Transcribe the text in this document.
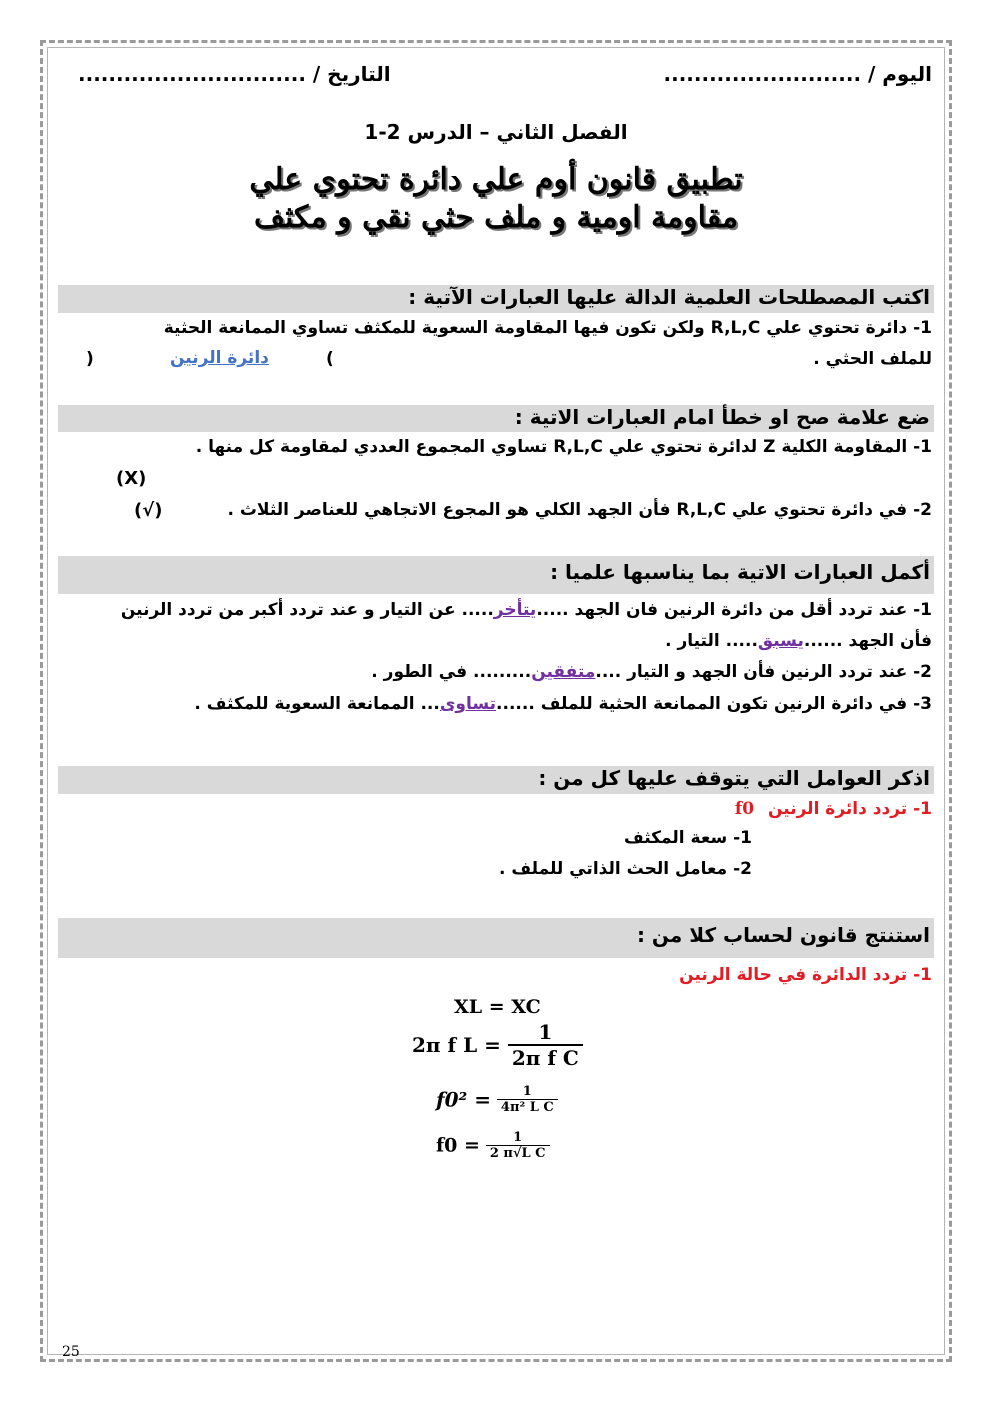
اليوم / ..........................
التاريخ / ..............................
الفصل الثاني – الدرس 2-1
تطبيق قانون أوم علي دائرة تحتوي علي
مقاومة اومية و ملف حثي نقي و مكثف
اكتب المصطلحات العلمية الدالة عليها العبارات الآتية :
1- دائرة تحتوي علي R,L,C ولكن تكون فيها المقاومة السعوية للمكثف تساوي الممانعة الحثية
للملف الحثي .
(
دائرة الرنين
)
ضع علامة صح او خطأ امام العبارات الاتية :
1- المقاومة الكلية Z لدائرة تحتوي علي R,L,C تساوي المجموع العددي لمقاومة كل منها .
(X)
2- في دائرة تحتوي علي R,L,C فأن الجهد الكلي هو المجوع الاتجاهي للعناصر الثلاث .
(√)
أكمل العبارات الاتية بما يناسبها علميا :
1- عند تردد أقل من دائرة الرنين فان الجهد .....يتأخر..... عن التيار و عند تردد أكبر من تردد الرنين
فأن الجهد ......يسبق..... التيار .
2- عند تردد الرنين فأن الجهد و التيار ....متفقين......... في الطور .
3- في دائرة الرنين تكون الممانعة الحثية للملف ......تساوى... الممانعة السعوية للمكثف .
اذكر العوامل التي يتوقف عليها كل من :
1- تردد دائرة الرنين f0
1- سعة المكثف
2- معامل الحث الذاتي للملف .
استنتج قانون لحساب كلا من :
1- تردد الدائرة في حالة الرنين
XL = XC
2π f $L = \frac{1}{\text{2π f C}}$
$f0^2 = \frac{1}{\text{4π² L C}}$
$f0 = \frac{1}{\text{2 π√L C}}$
25
